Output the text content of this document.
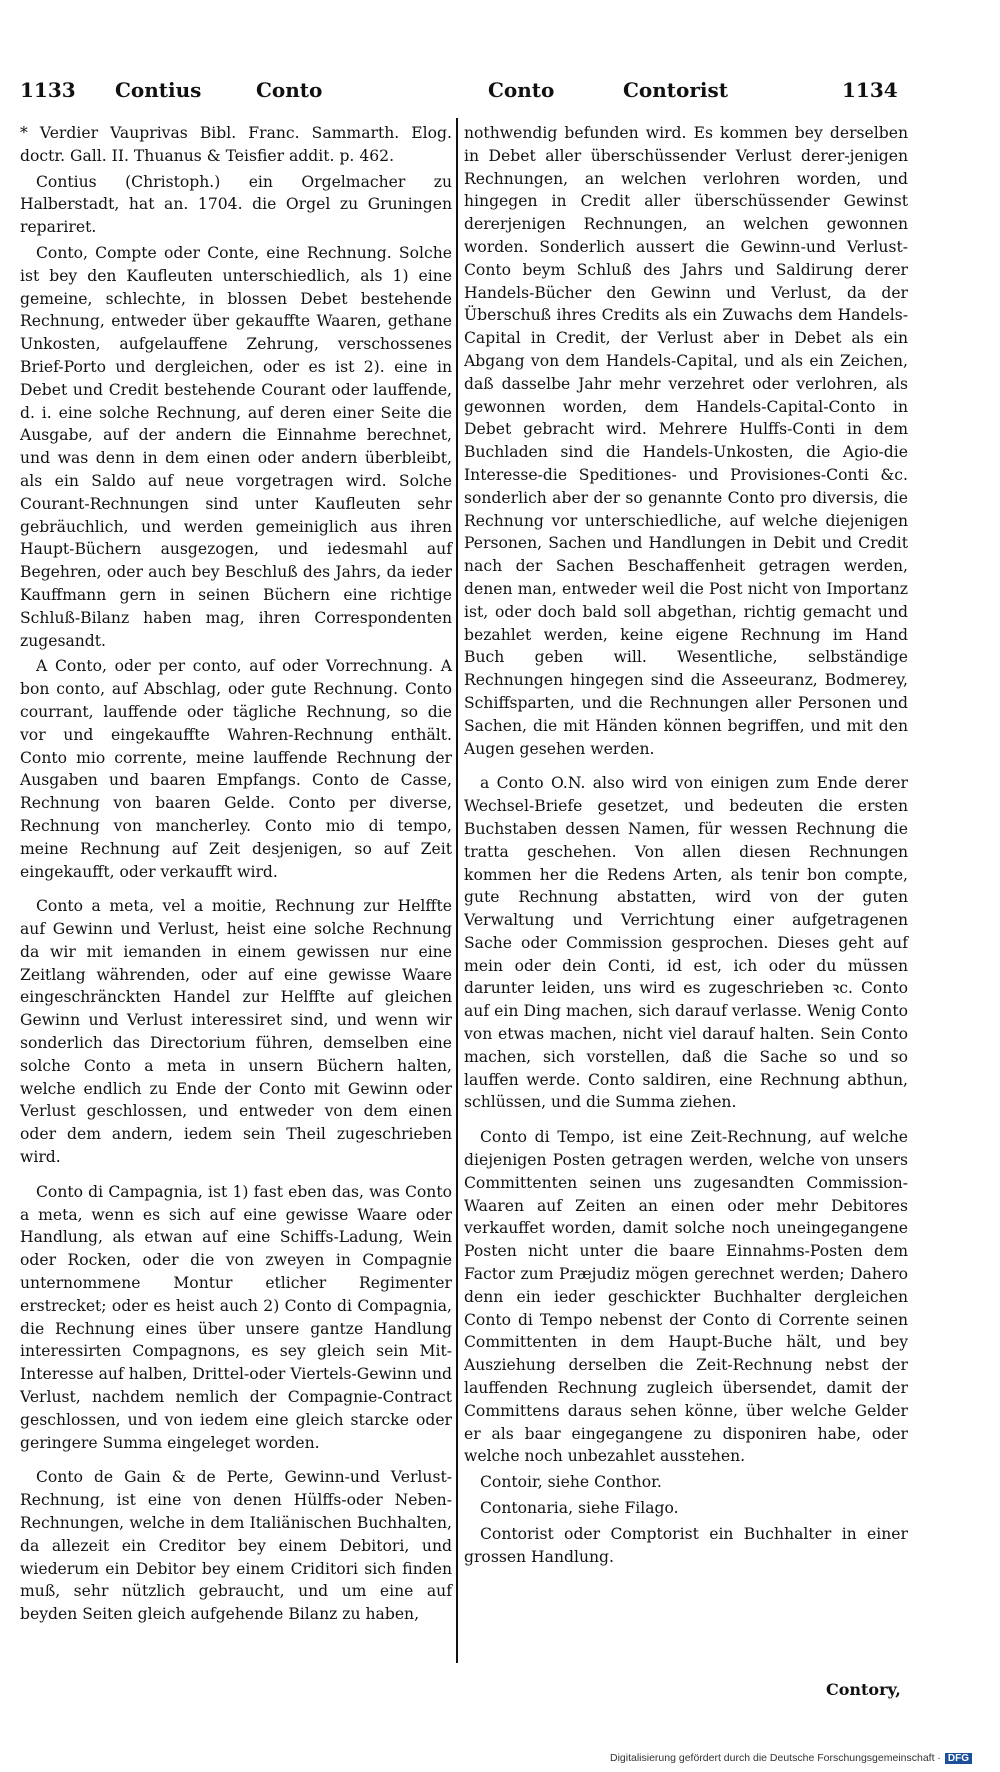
1133 Contius	Conto	Conto	Contorist	1134

* Verdier Vauprivas Bibl. Franc. Sammarth. Elog. doctr. Gall. II. Thuanus & Teisfier addit. p. 462.

Contius (Christoph.) ein Orgelmacher zu Halberstadt, hat an. 1704. die Orgel zu Gruningen repariret.

Conto, Compte oder Conte, eine Rechnung. Solche ist bey den Kaufleuten unterschiedlich, als 1) eine gemeine, schlechte, in blossen Debet bestehende Rechnung, entweder über gekauffte Waaren, gethane Unkosten, aufgelauffene Zehrung, verschossenes Brief-Porto und dergleichen, oder es ist 2). eine in Debet und Credit bestehende Courant oder lauffende, d. i. eine solche Rechnung, auf deren einer Seite die Ausgabe, auf der andern die Einnahme berechnet, und was denn in dem einen oder andern überbleibt, als ein Saldo auf neue vorgetragen wird. Solche Courant-Rechnungen sind unter Kaufleuten sehr gebräuchlich, und werden gemeiniglich aus ihren Haupt-Büchern ausgezogen, und iedesmahl auf Begehren, oder auch bey Beschluß des Jahrs, da ieder Kauffmann gern in seinen Büchern eine richtige Schluß-Bilanz haben mag, ihren Correspondenten zugesandt.

A Conto, oder per conto, auf oder Vorrechnung. A bon conto, auf Abschlag, oder gute Rechnung. Conto courrant, lauffende oder tägliche Rechnung, so die vor und eingekauffte Wahren-Rechnung enthält. Conto mio corrente, meine lauffende Rechnung der Ausgaben und baaren Empfangs. Conto de Casse, Rechnung von baaren Gelde. Conto per diverse, Rechnung von mancherley. Conto mio di tempo, meine Rechnung auf Zeit desjenigen, so auf Zeit eingekaufft, oder verkaufft wird.

Conto a meta, vel a moitie, Rechnung zur Helffte auf Gewinn und Verlust, heist eine solche Rechnung da wir mit iemanden in einem gewissen nur eine Zeitlang währenden, oder auf eine gewisse Waare eingeschränckten Handel zur Helffte auf gleichen Gewinn und Verlust interessiret sind, und wenn wir sonderlich das Directorium führen, demselben eine solche Conto a meta in unsern Büchern halten, welche endlich zu Ende der Conto mit Gewinn oder Verlust geschlossen, und entweder von dem einen oder dem andern, iedem sein Theil zugeschrieben wird.

Conto di Campagnia, ist 1) fast eben das, was Conto a meta, wenn es sich auf eine gewisse Waare oder Handlung, als etwan auf eine Schiffs-Ladung, Wein oder Rocken, oder die von zweyen in Compagnie unternommene Montur etlicher Regimenter erstrecket; oder es heist auch 2) Conto di Compagnia, die Rechnung eines über unsere gantze Handlung interessirten Compagnons, es sey gleich sein Mit-Interesse auf halben, Drittel-oder Viertels-Gewinn und Verlust, nachdem nemlich der Compagnie-Contract geschlossen, und von iedem eine gleich starcke oder geringere Summa eingeleget worden.

Conto de Gain & de Perte, Gewinn-und Verlust-Rechnung, ist eine von denen Hülffs-oder Neben-Rechnungen, welche in dem Italiänischen Buchhalten, da allezeit ein Creditor bey einem Debitori, und wiederum ein Debitor bey einem Criditori sich finden muß, sehr nützlich gebraucht, und um eine auf beyden Seiten gleich aufgehende Bilanz zu haben,

nothwendig befunden wird. Es kommen bey derselben in Debet aller überschüssender Verlust derer-jenigen Rechnungen, an welchen verlohren worden, und hingegen in Credit aller überschüssender Gewinst dererjenigen Rechnungen, an welchen gewonnen worden. Sonderlich aussert die Gewinn-und Verlust-Conto beym Schluß des Jahrs und Saldirung derer Handels-Bücher den Gewinn und Verlust, da der Überschuß ihres Credits als ein Zuwachs dem Handels-Capital in Credit, der Verlust aber in Debet als ein Abgang von dem Handels-Capital, und als ein Zeichen, daß dasselbe Jahr mehr verzehret oder verlohren, als gewonnen worden, dem Handels-Capital-Conto in Debet gebracht wird. Mehrere Hulffs-Conti in dem Buchladen sind die Handels-Unkosten, die Agio-die Interesse-die Speditiones- und Provisiones-Conti &c. sonderlich aber der so genannte Conto pro diversis, die Rechnung vor unterschiedliche, auf welche diejenigen Personen, Sachen und Handlungen in Debit und Credit nach der Sachen Beschaffenheit getragen werden, denen man, entweder weil die Post nicht von Importanz ist, oder doch bald soll abgethan, richtig gemacht und bezahlet werden, keine eigene Rechnung im Hand Buch geben will. Wesentliche, selbständige Rechnungen hingegen sind die Asseeuranz, Bodmerey, Schiffsparten, und die Rechnungen aller Personen und Sachen, die mit Händen können begriffen, und mit den Augen gesehen werden.

a Conto O.N. also wird von einigen zum Ende derer Wechsel-Briefe gesetzet, und bedeuten die ersten Buchstaben dessen Namen, für wessen Rechnung die tratta geschehen. Von allen diesen Rechnungen kommen her die Redens Arten, als tenir bon compte, gute Rechnung abstatten, wird von der guten Verwaltung und Verrichtung einer aufgetragenen Sache oder Commission gesprochen. Dieses geht auf mein oder dein Conti, id est, ich oder du müssen darunter leiden, uns wird es zugeschrieben ꝛc. Conto auf ein Ding machen, sich darauf verlasse. Wenig Conto von etwas machen, nicht viel darauf halten. Sein Conto machen, sich vorstellen, daß die Sache so und so lauffen werde. Conto saldiren, eine Rechnung abthun, schlüssen, und die Summa ziehen.

Conto di Tempo, ist eine Zeit-Rechnung, auf welche diejenigen Posten getragen werden, welche von unsers Committenten seinen uns zugesandten Commission-Waaren auf Zeiten an einen oder mehr Debitores verkauffet worden, damit solche noch uneingegangene Posten nicht unter die baare Einnahms-Posten dem Factor zum Præjudiz mögen gerechnet werden; Dahero denn ein ieder geschickter Buchhalter dergleichen Conto di Tempo nebenst der Conto di Corrente seinen Committenten in dem Haupt-Buche hält, und bey Ausziehung derselben die Zeit-Rechnung nebst der lauffenden Rechnung zugleich übersendet, damit der Committens daraus sehen könne, über welche Gelder er als baar eingegangene zu disponiren habe, oder welche noch unbezahlet ausstehen.

Contoir, siehe Conthor.

Contonaria, siehe Filago.

Contorist oder Comptorist ein Buchhalter in einer grossen Handlung.

Contory,
Digitalisierung gefördert durch die Deutsche Forschungsgemeinschaft · DFG
